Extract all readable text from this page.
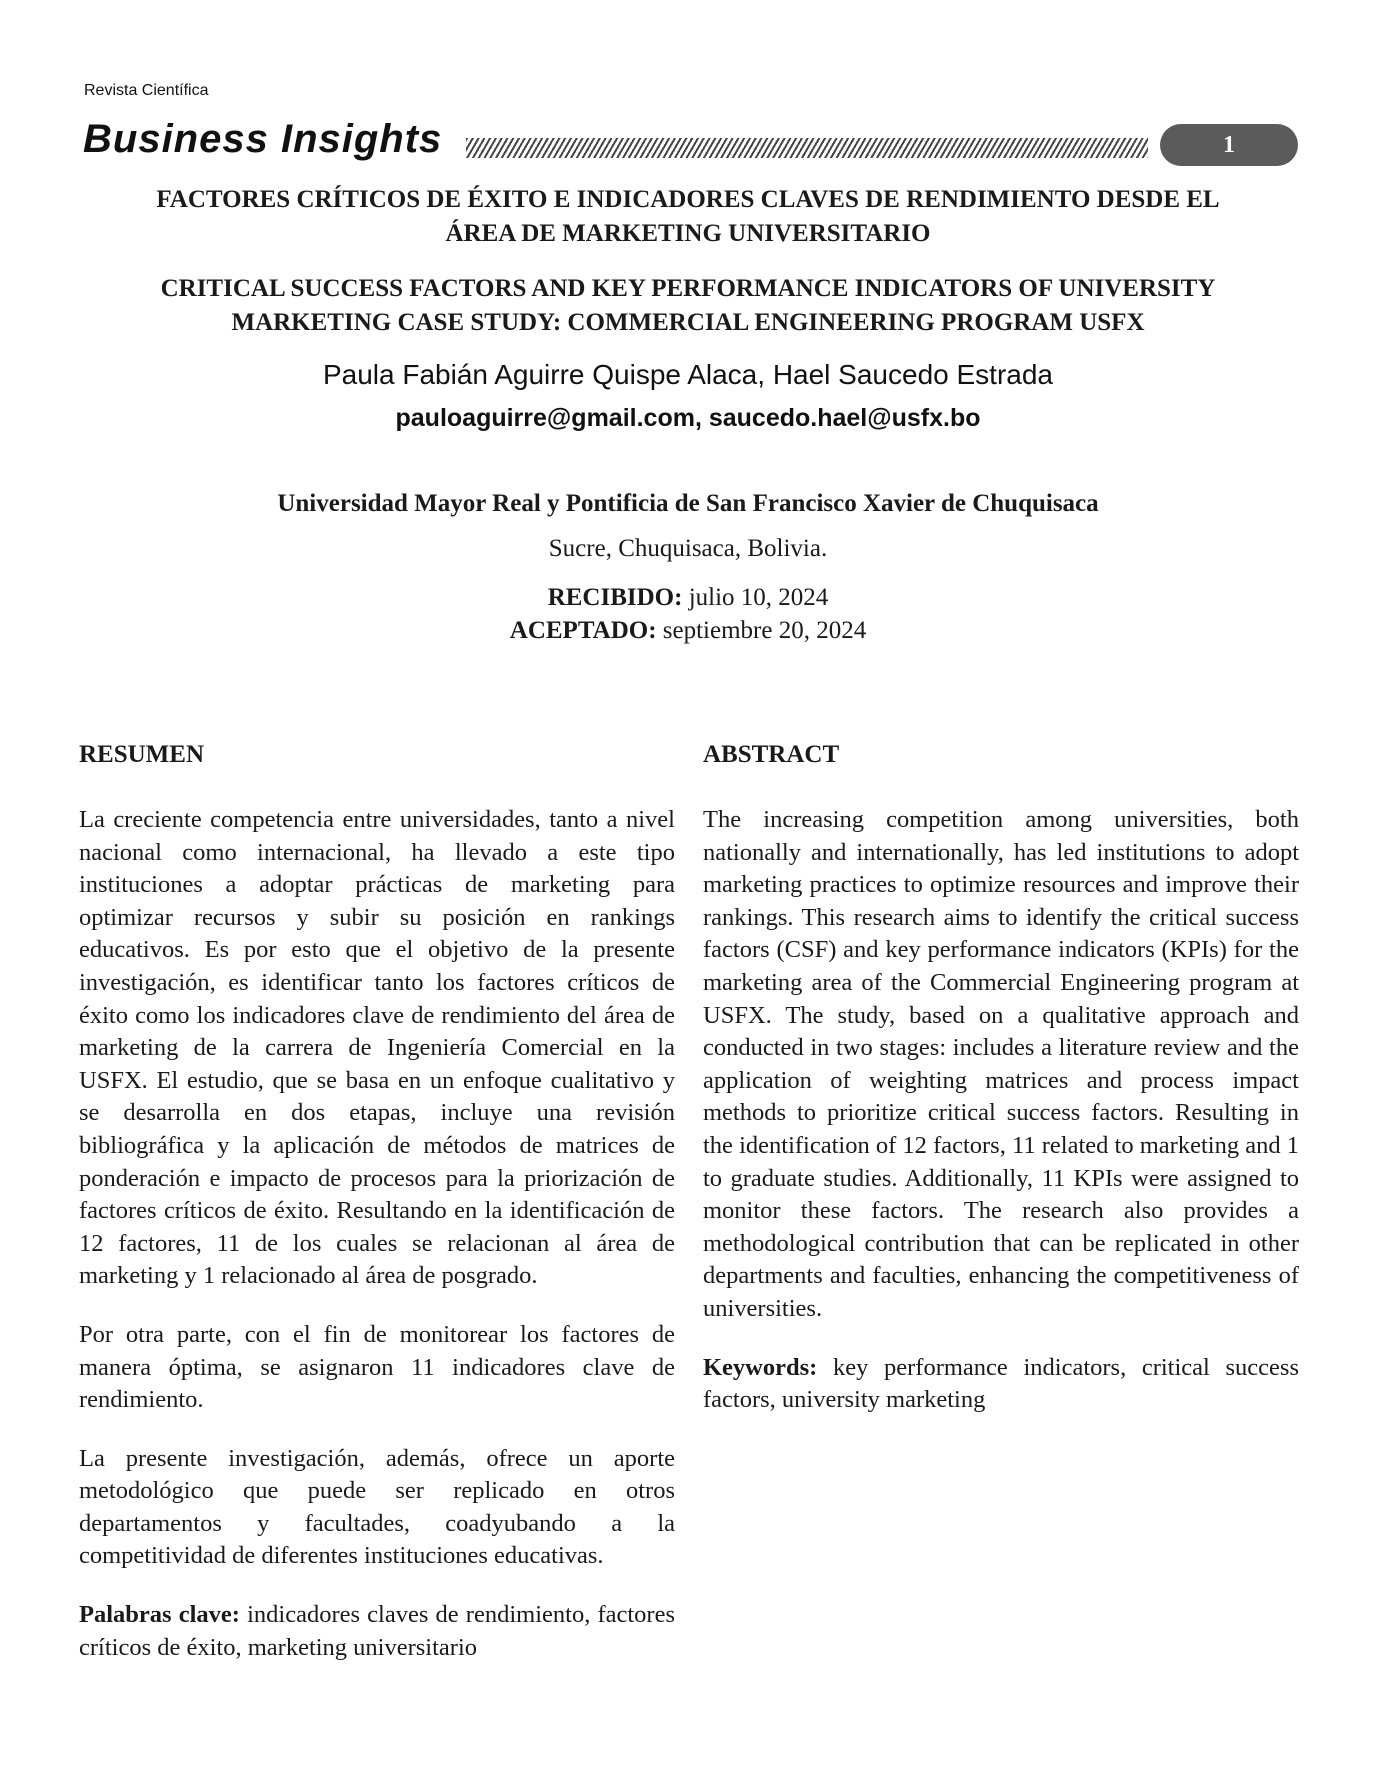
Revista Científica
Business Insights	1
FACTORES CRÍTICOS DE ÉXITO E INDICADORES CLAVES DE RENDIMIENTO DESDE EL
ÁREA DE MARKETING UNIVERSITARIO
CRITICAL SUCCESS FACTORS AND KEY PERFORMANCE INDICATORS OF UNIVERSITY
MARKETING CASE STUDY: COMMERCIAL ENGINEERING PROGRAM USFX
Paula Fabián Aguirre Quispe Alaca, Hael Saucedo Estrada
pauloaguirre@gmail.com, saucedo.hael@usfx.bo
Universidad Mayor Real y Pontificia de San Francisco Xavier de Chuquisaca
Sucre, Chuquisaca, Bolivia.
RECIBIDO: julio 10, 2024
ACEPTADO: septiembre 20, 2024
RESUMEN

La creciente competencia entre universidades, tanto a nivel nacional como internacional, ha llevado a este tipo instituciones a adoptar prácticas de marketing para optimizar recursos y subir su posición en rankings educativos. Es por esto que el objetivo de la presente investigación, es identificar tanto los factores críticos de éxito como los indicadores clave de rendimiento del área de marketing de la carrera de Ingeniería Comercial en la USFX. El estudio, que se basa en un enfoque cualitativo y se desarrolla en dos etapas, incluye una revisión bibliográfica y la aplicación de métodos de matrices de ponderación e impacto de procesos para la priorización de factores críticos de éxito. Resultando en la identificación de 12 factores, 11 de los cuales se relacionan al área de marketing y 1 relacionado al área de posgrado.

Por otra parte, con el fin de monitorear los factores de manera óptima, se asignaron 11 indicadores clave de rendimiento.

La presente investigación, además, ofrece un aporte metodológico que puede ser replicado en otros departamentos y facultades, coadyubando a la competitividad de diferentes instituciones educativas.

Palabras clave: indicadores claves de rendimiento, factores críticos de éxito, marketing universitario

ABSTRACT

The increasing competition among universities, both nationally and internationally, has led institutions to adopt marketing practices to optimize resources and improve their rankings. This research aims to identify the critical success factors (CSF) and key performance indicators (KPIs) for the marketing area of the Commercial Engineering program at USFX. The study, based on a qualitative approach and conducted in two stages: includes a literature review and the application of weighting matrices and process impact methods to prioritize critical success factors. Resulting in the identification of 12 factors, 11 related to marketing and 1 to graduate studies. Additionally, 11 KPIs were assigned to monitor these factors. The research also provides a methodological contribution that can be replicated in other departments and faculties, enhancing the competitiveness of universities.

Keywords: key performance indicators, critical success factors, university marketing
